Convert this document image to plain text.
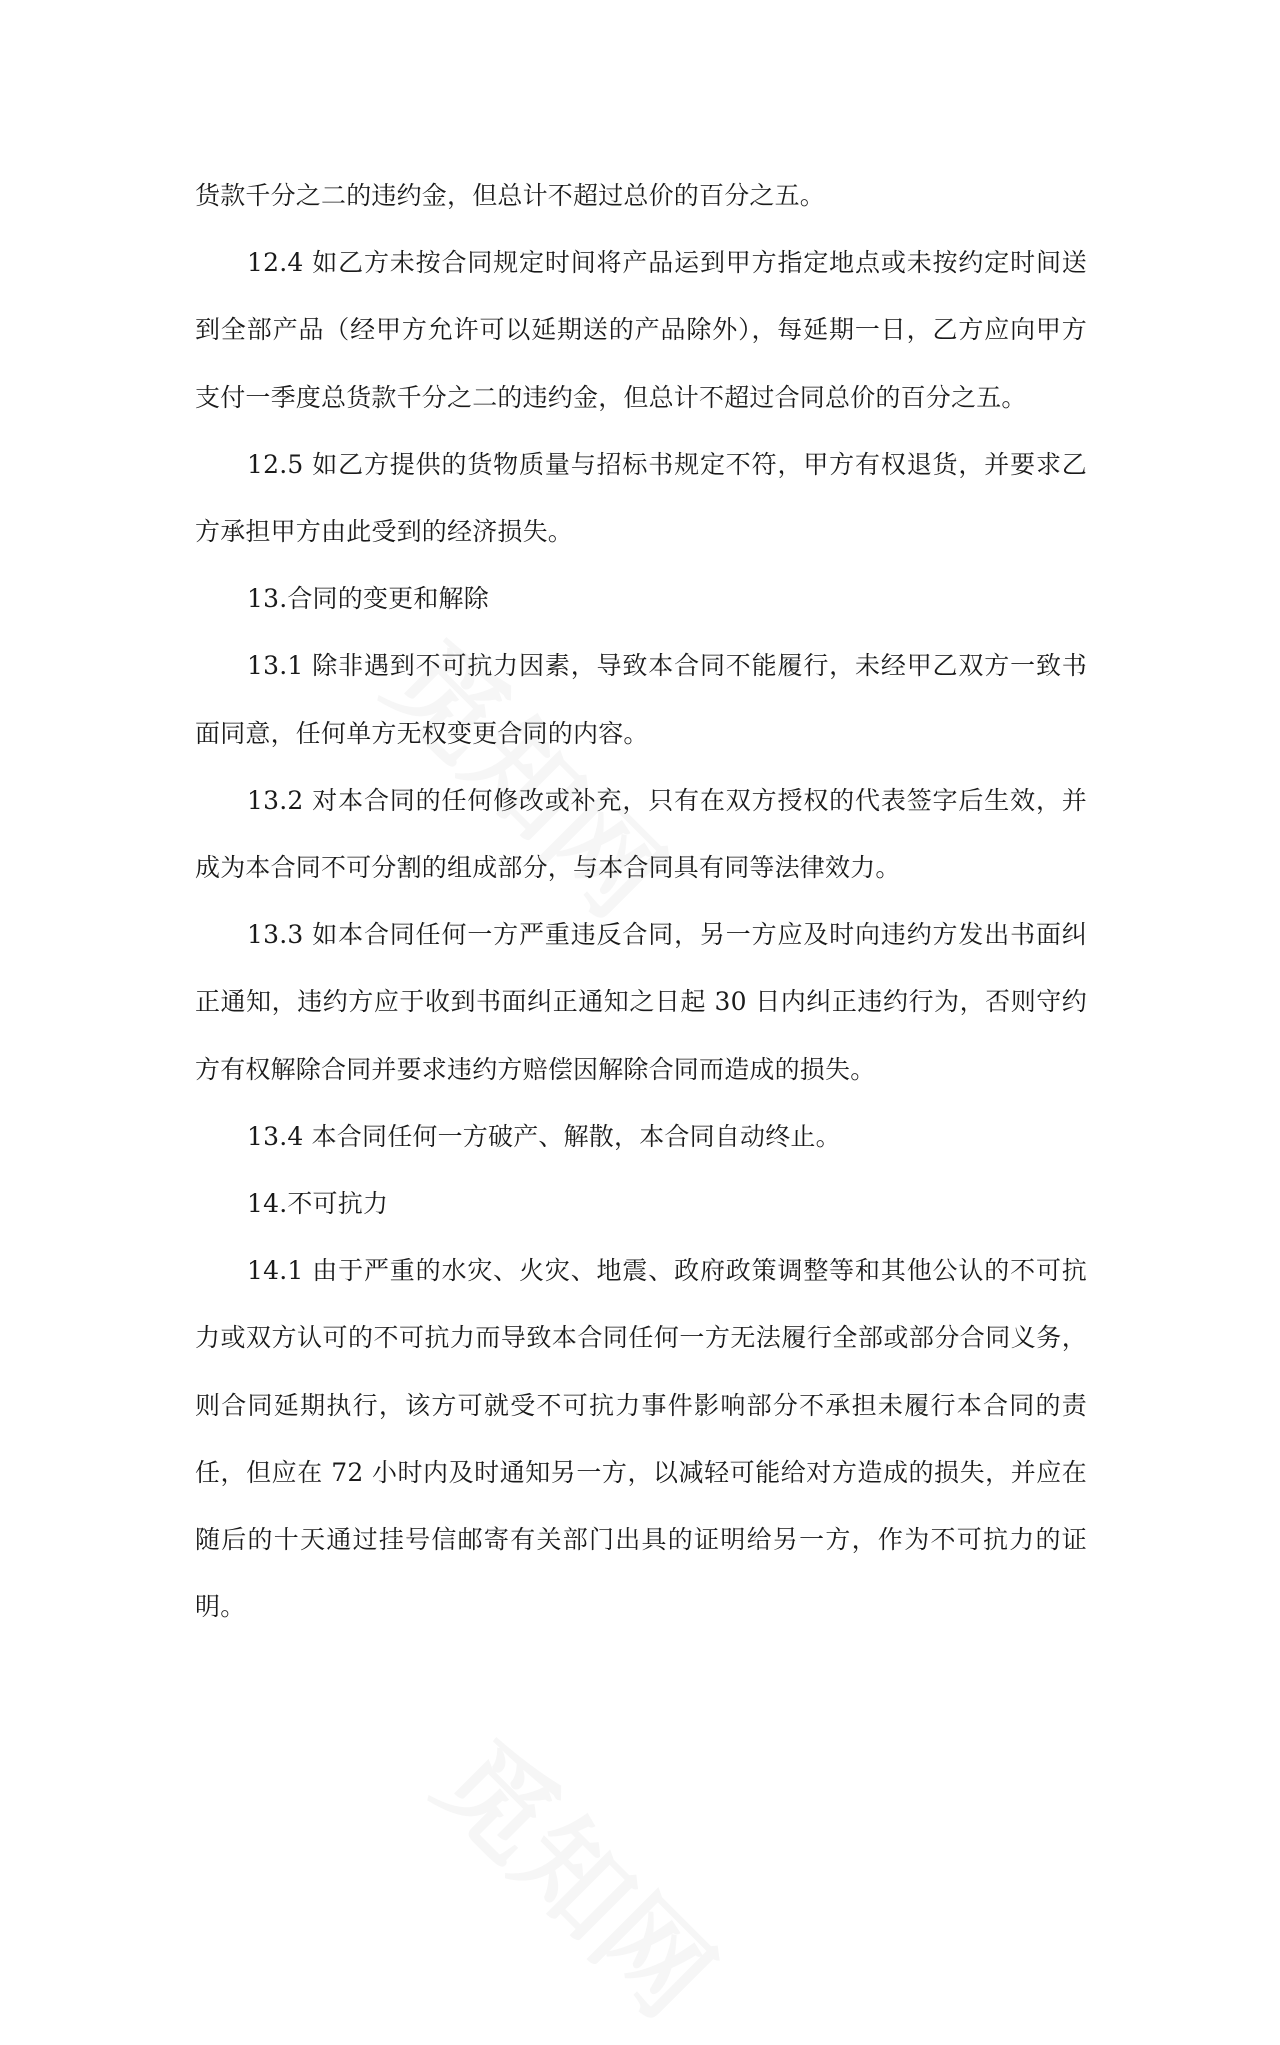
货款千分之二的违约金，但总计不超过总价的百分之五。

12.4 如乙方未按合同规定时间将产品运到甲方指定地点或未按约定时间送到全部产品（经甲方允许可以延期送的产品除外），每延期一日，乙方应向甲方支付一季度总货款千分之二的违约金，但总计不超过合同总价的百分之五。

12.5 如乙方提供的货物质量与招标书规定不符，甲方有权退货，并要求乙方承担甲方由此受到的经济损失。

13.合同的变更和解除

13.1 除非遇到不可抗力因素，导致本合同不能履行，未经甲乙双方一致书面同意，任何单方无权变更合同的内容。

13.2 对本合同的任何修改或补充，只有在双方授权的代表签字后生效，并成为本合同不可分割的组成部分，与本合同具有同等法律效力。

13.3 如本合同任何一方严重违反合同，另一方应及时向违约方发出书面纠正通知，违约方应于收到书面纠正通知之日起 30 日内纠正违约行为，否则守约方有权解除合同并要求违约方赔偿因解除合同而造成的损失。

13.4 本合同任何一方破产、解散，本合同自动终止。

14.不可抗力

14.1 由于严重的水灾、火灾、地震、政府政策调整等和其他公认的不可抗力或双方认可的不可抗力而导致本合同任何一方无法履行全部或部分合同义务，则合同延期执行，该方可就受不可抗力事件影响部分不承担未履行本合同的责任，但应在 72 小时内及时通知另一方，以减轻可能给对方造成的损失，并应在随后的十天通过挂号信邮寄有关部门出具的证明给另一方，作为不可抗力的证明。
